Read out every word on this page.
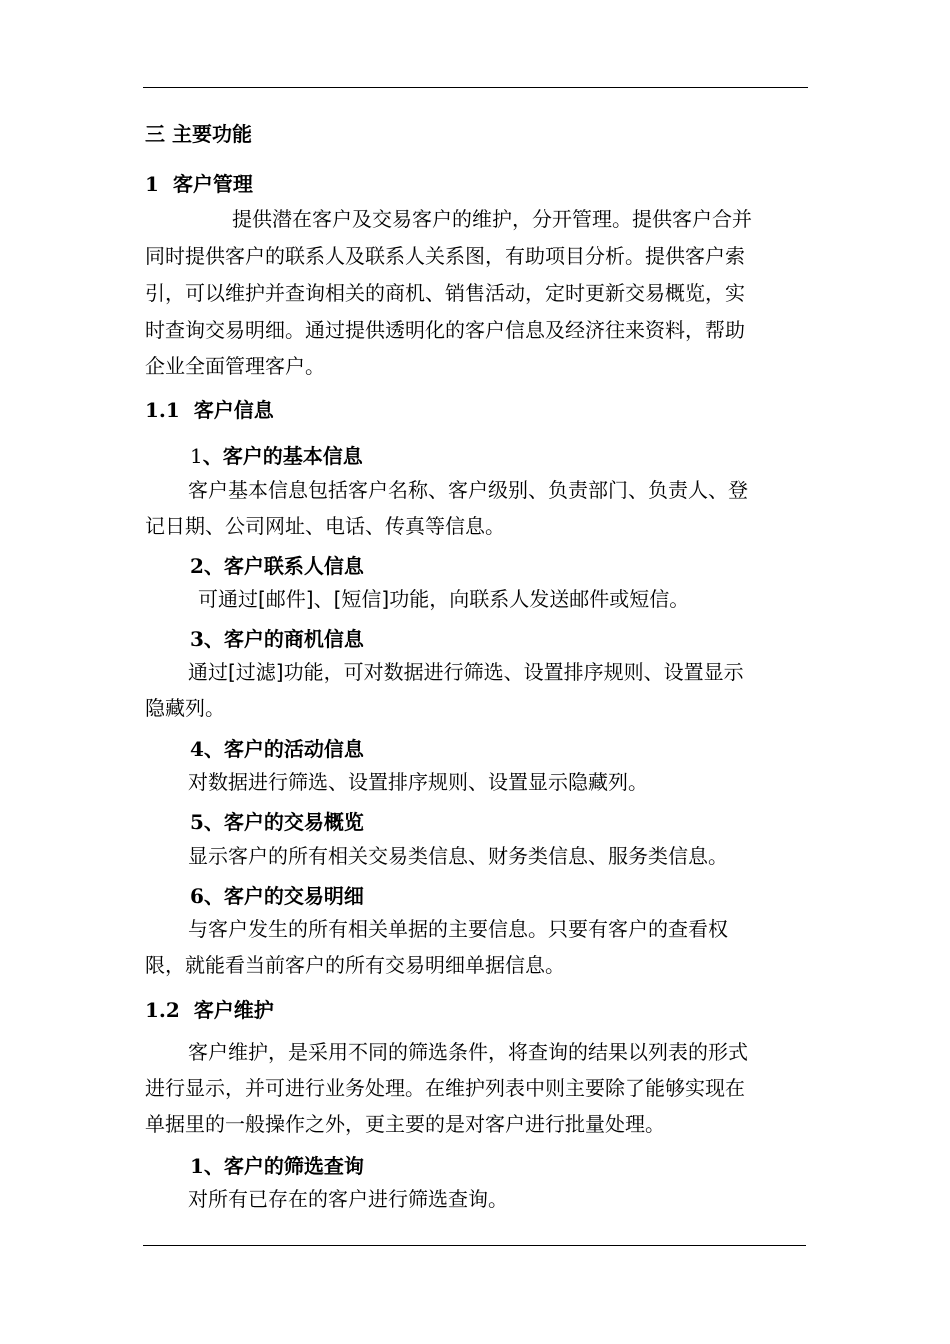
三 主要功能
1 客户管理
提供潜在客户及交易客户的维护，分开管理。提供客户合并
同时提供客户的联系人及联系人关系图，有助项目分析。提供客户索
引，可以维护并查询相关的商机、销售活动，定时更新交易概览，实
时查询交易明细。通过提供透明化的客户信息及经济往来资料，帮助
企业全面管理客户。
1.1 客户信息
1、客户的基本信息
客户基本信息包括客户名称、客户级别、负责部门、负责人、登
记日期、公司网址、电话、传真等信息。
2、客户联系人信息
可通过[邮件]、[短信]功能，向联系人发送邮件或短信。
3、客户的商机信息
通过[过滤]功能，可对数据进行筛选、设置排序规则、设置显示
隐藏列。
4、客户的活动信息
对数据进行筛选、设置排序规则、设置显示隐藏列。
5、客户的交易概览
显示客户的所有相关交易类信息、财务类信息、服务类信息。
6、客户的交易明细
与客户发生的所有相关单据的主要信息。只要有客户的查看权
限，就能看当前客户的所有交易明细单据信息。
1.2 客户维护
客户维护，是采用不同的筛选条件，将查询的结果以列表的形式
进行显示，并可进行业务处理。在维护列表中则主要除了能够实现在
单据里的一般操作之外，更主要的是对客户进行批量处理。
1、客户的筛选查询
对所有已存在的客户进行筛选查询。
